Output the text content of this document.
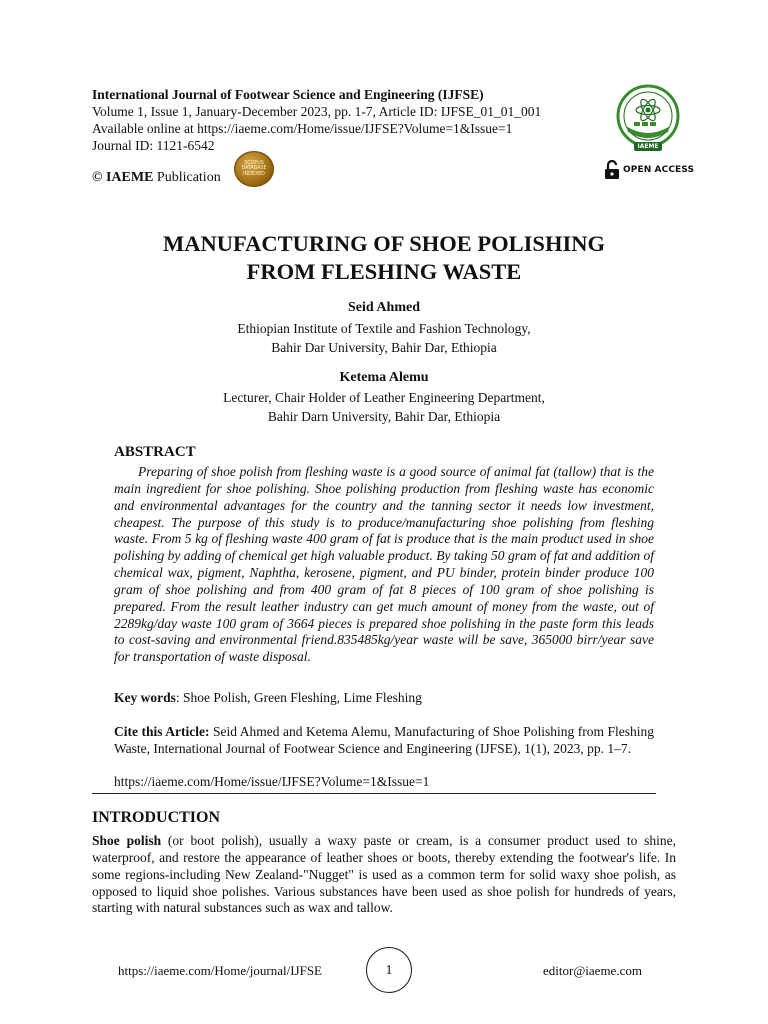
International Journal of Footwear Science and Engineering (IJFSE)
Volume 1, Issue 1, January-December 2023, pp. 1-7, Article ID: IJFSE_01_01_001
Available online at https://iaeme.com/Home/issue/IJFSE?Volume=1&Issue=1
Journal ID: 1121-6542
© IAEME Publication
SCOPUS
DATABASE
INDEXED
IAEME
OPEN ACCESS
MANUFACTURING OF SHOE POLISHING
FROM FLESHING WASTE
Seid Ahmed
Ethiopian Institute of Textile and Fashion Technology,
Bahir Dar University, Bahir Dar, Ethiopia
Ketema Alemu
Lecturer, Chair Holder of Leather Engineering Department,
Bahir Darn University, Bahir Dar, Ethiopia
ABSTRACT

Preparing of shoe polish from fleshing waste is a good source of animal fat (tallow) that is the main ingredient for shoe polishing. Shoe polishing production from fleshing waste has economic and environmental advantages for the country and the tanning sector it needs low investment, cheapest. The purpose of this study is to produce/manufacturing shoe polishing from fleshing waste. From 5 kg of fleshing waste 400 gram of fat is produce that is the main product used in shoe polishing by adding of chemical get high valuable product. By taking 50 gram of fat and addition of chemical wax, pigment, Naphtha, kerosene, pigment, and PU binder, protein binder produce 100 gram of shoe polishing and from 400 gram of fat 8 pieces of 100 gram of shoe polishing is prepared. From the result leather industry can get much amount of money from the waste, out of 2289kg/day waste 100 gram of 3664 pieces is prepared shoe polishing in the paste form this leads to cost-saving and environmental friend.835485kg/year waste will be save, 365000 birr/year save for transportation of waste disposal.

Key words: Shoe Polish, Green Fleshing, Lime Fleshing

Cite this Article: Seid Ahmed and Ketema Alemu, Manufacturing of Shoe Polishing from Fleshing Waste, International Journal of Footwear Science and Engineering (IJFSE), 1(1), 2023, pp. 1–7.

https://iaeme.com/Home/issue/IJFSE?Volume=1&Issue=1
INTRODUCTION

Shoe polish (or boot polish), usually a waxy paste or cream, is a consumer product used to shine, waterproof, and restore the appearance of leather shoes or boots, thereby extending the footwear's life. In some regions-including New Zealand-"Nugget" is used as a common term for solid waxy shoe polish, as opposed to liquid shoe polishes. Various substances have been used as shoe polish for hundreds of years, starting with natural substances such as wax and tallow.

https://iaeme.com/Home/journal/IJFSE	1	editor@iaeme.com
